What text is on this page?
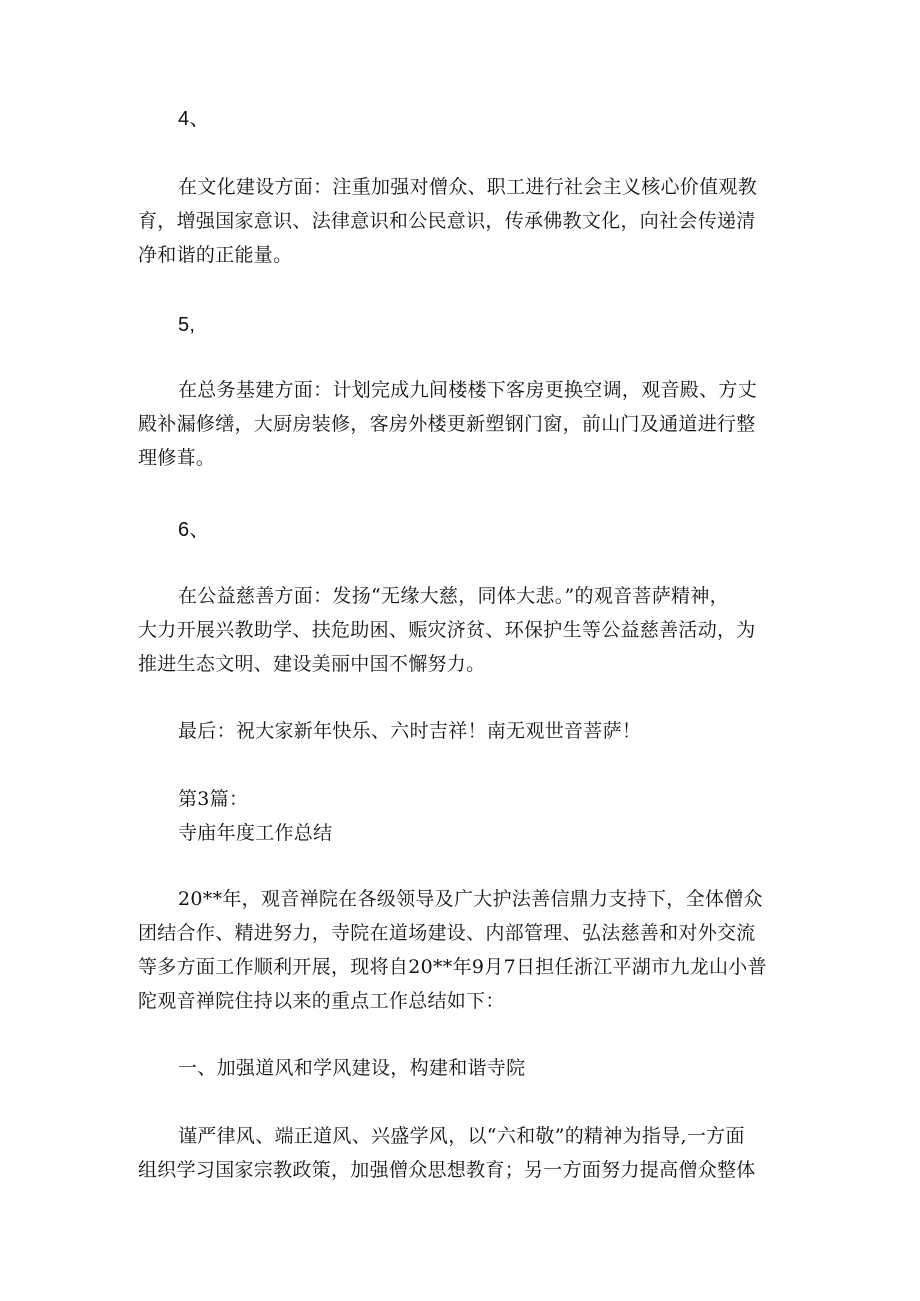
4、
在文化建设方面：注重加强对僧众、职工进行社会主义核心价值观教
育，增强国家意识、法律意识和公民意识，传承佛教文化，向社会传递清
净和谐的正能量。
5,
在总务基建方面：计划完成九间楼楼下客房更换空调，观音殿、方丈
殿补漏修缮，大厨房装修，客房外楼更新塑钢门窗，前山门及通道进行整
理修葺。
6、
在公益慈善方面：发扬“无缘大慈，同体大悲。”的观音菩萨精神，
大力开展兴教助学、扶危助困、赈灾济贫、环保护生等公益慈善活动，为
推进生态文明、建设美丽中国不懈努力。
最后：祝大家新年快乐、六时吉祥！南无观世音菩萨！
第3篇：
寺庙年度工作总结
20**年，观音禅院在各级领导及广大护法善信鼎力支持下，全体僧众
团结合作、精进努力，寺院在道场建设、内部管理、弘法慈善和对外交流
等多方面工作顺利开展，现将自20**年9月7日担任浙江平湖市九龙山小普
陀观音禅院住持以来的重点工作总结如下：
一、加强道风和学风建设，构建和谐寺院
谨严律风、端正道风、兴盛学风，以“六和敬”的精神为指导,一方面
组织学习国家宗教政策，加强僧众思想教育；另一方面努力提高僧众整体
